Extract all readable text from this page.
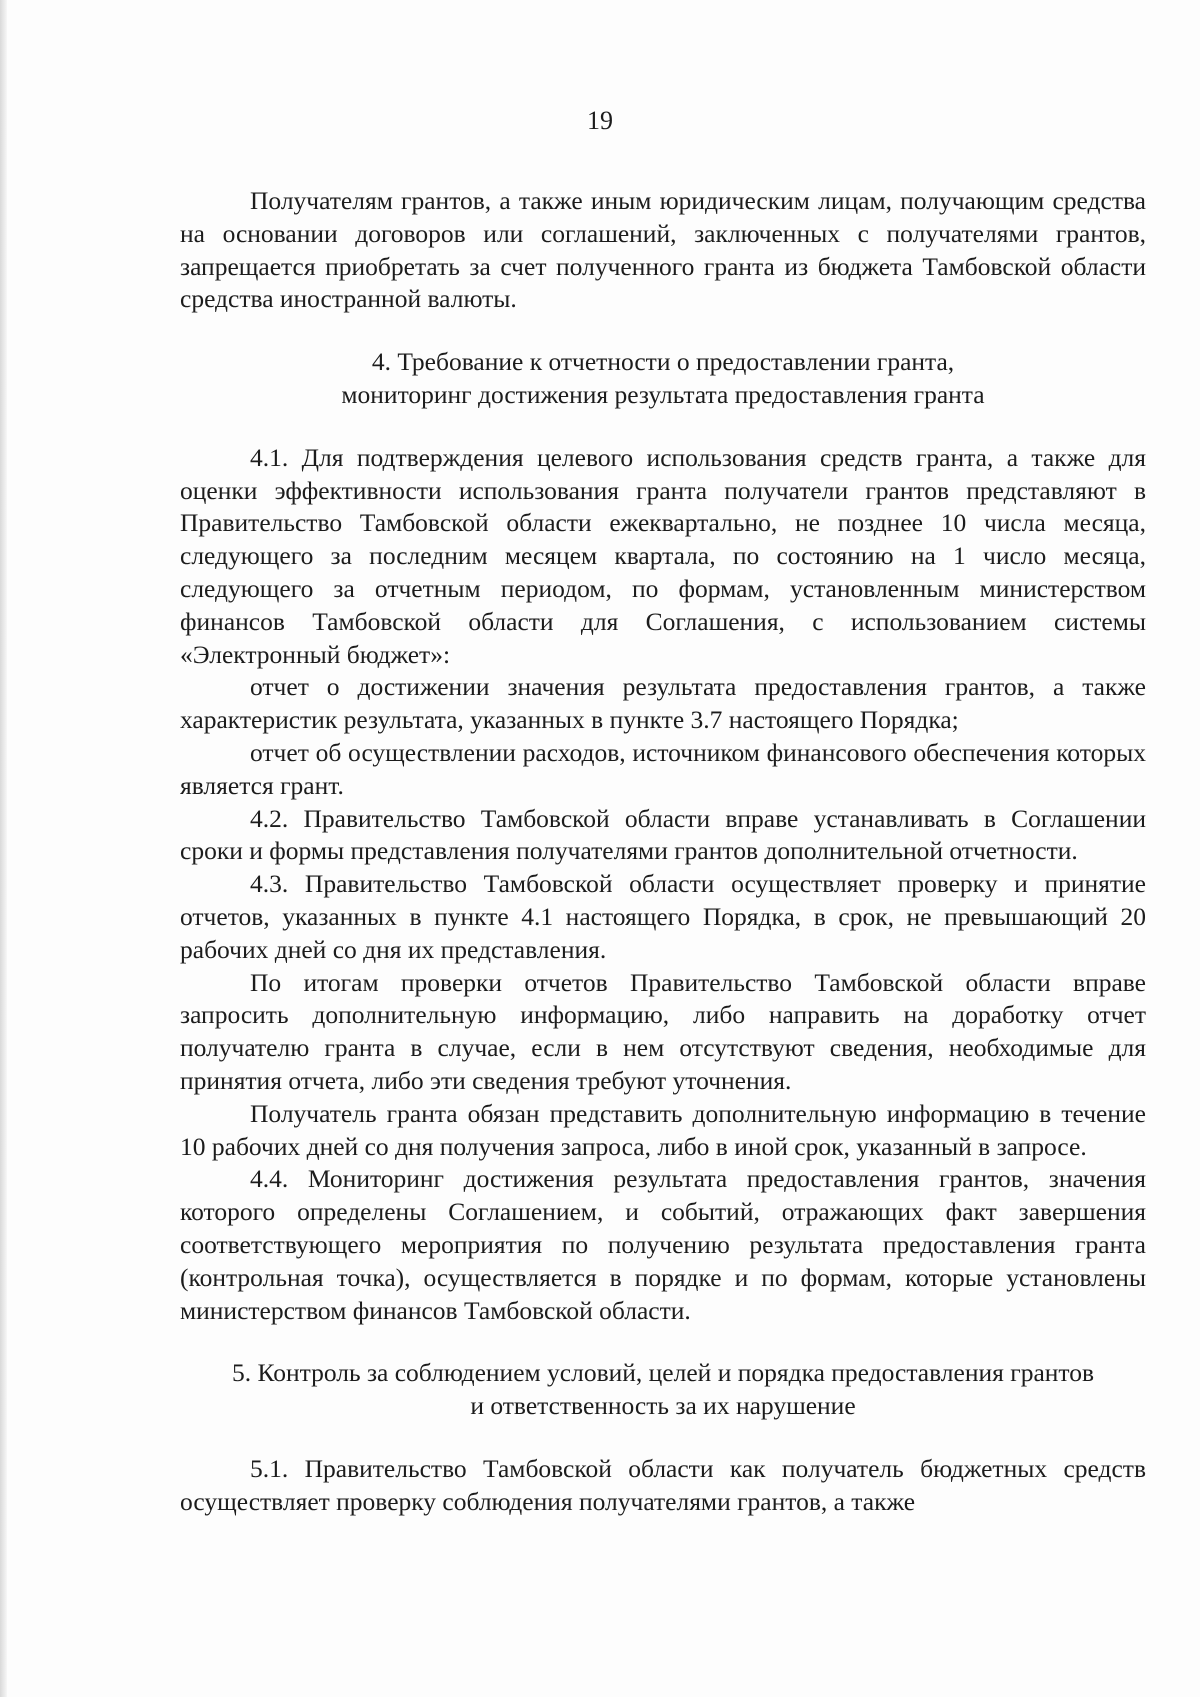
19

Получателям грантов, а также иным юридическим лицам, получающим средства на основании договоров или соглашений, заключенных с получателями грантов, запрещается приобретать за счет полученного гранта из бюджета Тамбовской области средства иностранной валюты.

4. Требование к отчетности о предоставлении гранта,
мониторинг достижения результата предоставления гранта

4.1. Для подтверждения целевого использования средств гранта, а также для оценки эффективности использования гранта получатели грантов представляют в Правительство Тамбовской области ежеквартально, не позднее 10 числа месяца, следующего за последним месяцем квартала, по состоянию на 1 число месяца, следующего за отчетным периодом, по формам, установленным министерством финансов Тамбовской области для Соглашения, с использованием системы «Электронный бюджет»:

отчет о достижении значения результата предоставления грантов, а также характеристик результата, указанных в пункте 3.7 настоящего Порядка;

отчет об осуществлении расходов, источником финансового обеспечения которых является грант.

4.2. Правительство Тамбовской области вправе устанавливать в Соглашении сроки и формы представления получателями грантов дополнительной отчетности.

4.3. Правительство Тамбовской области осуществляет проверку и принятие отчетов, указанных в пункте 4.1 настоящего Порядка, в срок, не превышающий 20 рабочих дней со дня их представления.

По итогам проверки отчетов Правительство Тамбовской области вправе запросить дополнительную информацию, либо направить на доработку отчет получателю гранта в случае, если в нем отсутствуют сведения, необходимые для принятия отчета, либо эти сведения требуют уточнения.

Получатель гранта обязан представить дополнительную информацию в течение 10 рабочих дней со дня получения запроса, либо в иной срок, указанный в запросе.

4.4. Мониторинг достижения результата предоставления грантов, значения которого определены Соглашением, и событий, отражающих факт завершения соответствующего мероприятия по получению результата предоставления гранта (контрольная точка), осуществляется в порядке и по формам, которые установлены министерством финансов Тамбовской области.

5. Контроль за соблюдением условий, целей и порядка предоставления грантов
и ответственность за их нарушение

5.1. Правительство Тамбовской области как получатель бюджетных средств осуществляет проверку соблюдения получателями грантов, а также
